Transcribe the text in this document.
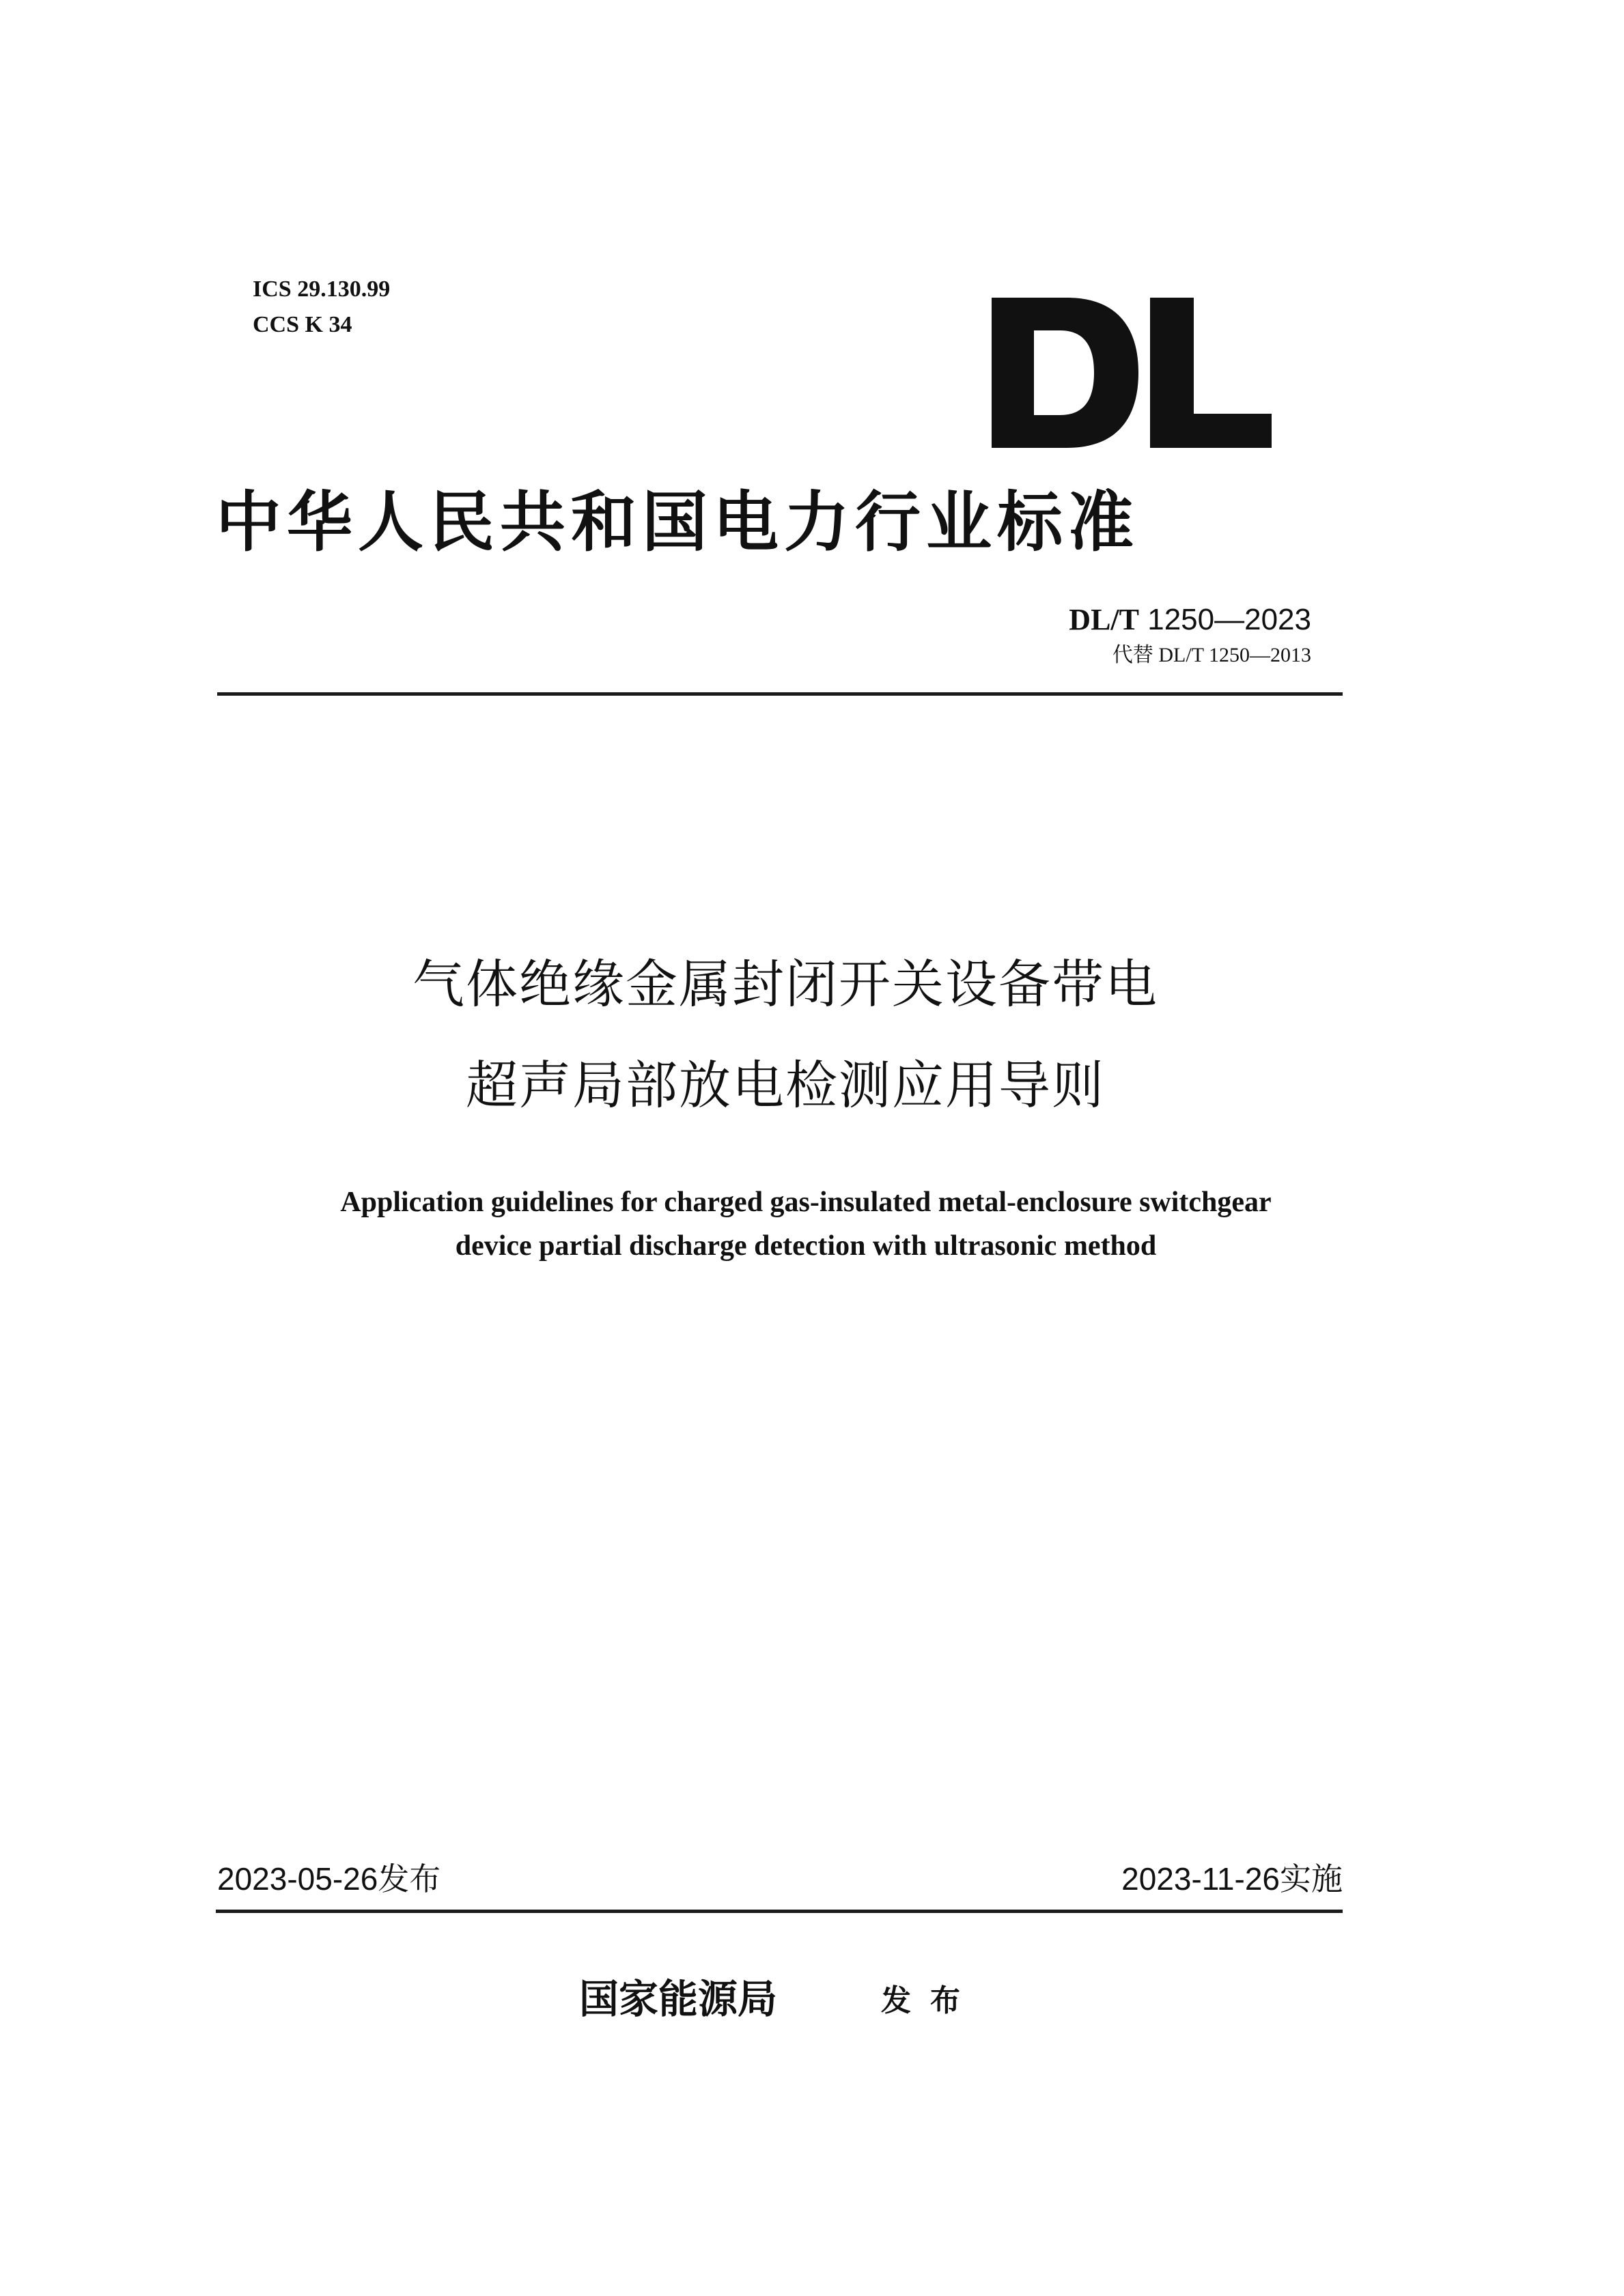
ICS 29.130.99
CCS K 34
中华人民共和国电力行业标准
DL/T 1250—2023
代替 DL/T 1250—2013
气体绝缘金属封闭开关设备带电
超声局部放电检测应用导则
Application guidelines for charged gas-insulated metal-enclosure switchgear
device partial discharge detection with ultrasonic method
2023-05-26发布	2023-11-26实施
国家能源局	发布
